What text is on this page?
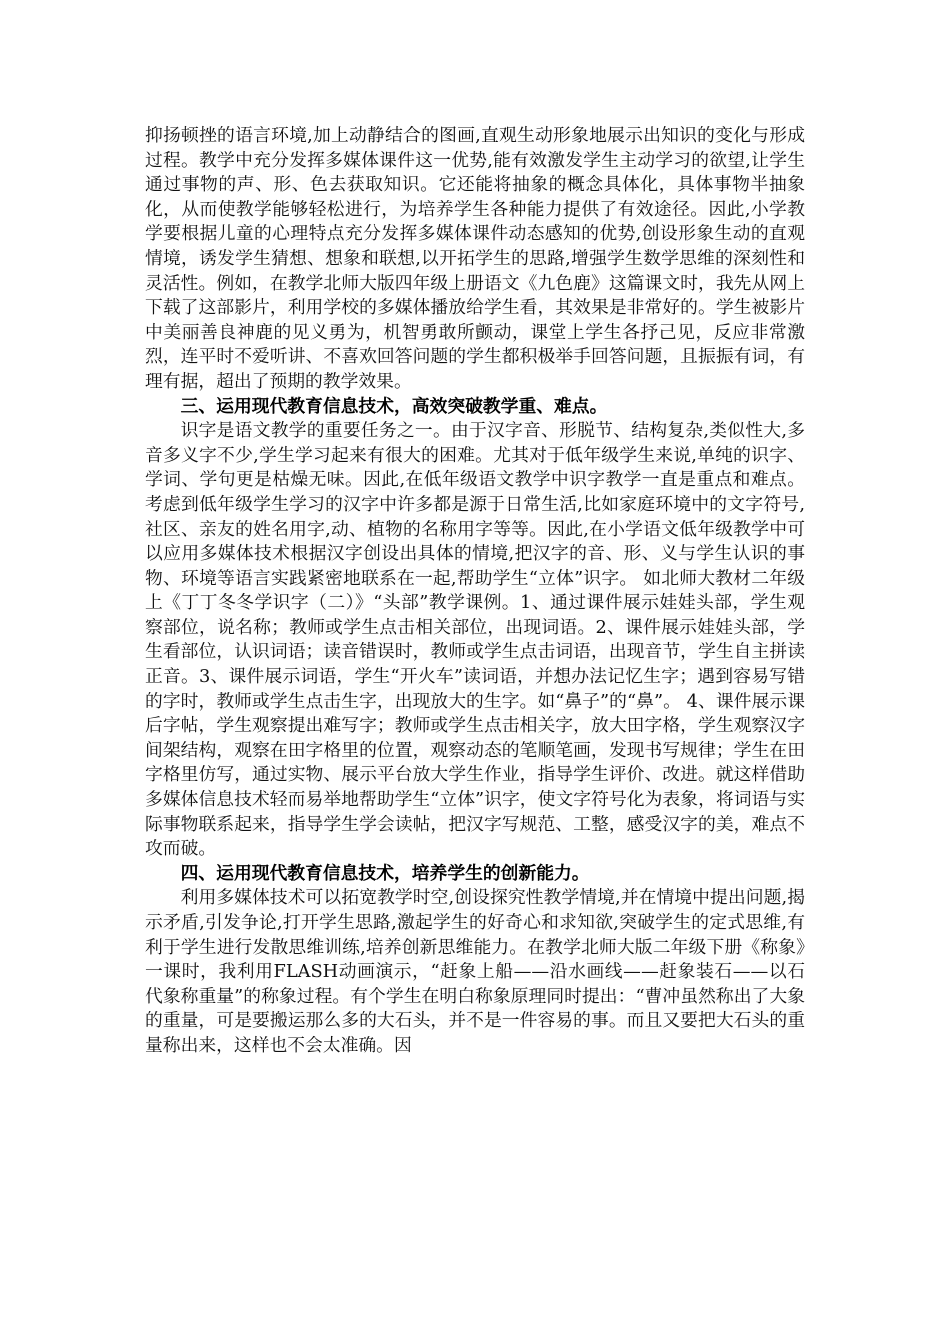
抑扬顿挫的语言环境,加上动静结合的图画,直观生动形象地展示出知识的变化与形成过程。教学中充分发挥多媒体课件这一优势,能有效激发学生主动学习的欲望,让学生通过事物的声、形、色去获取知识。它还能将抽象的概念具体化，具体事物半抽象化，从而使教学能够轻松进行，为培养学生各种能力提供了有效途径。因此,小学教学要根据儿童的心理特点充分发挥多媒体课件动态感知的优势,创设形象生动的直观情境，诱发学生猜想、想象和联想,以开拓学生的思路,增强学生数学思维的深刻性和灵活性。例如，在教学北师大版四年级上册语文《九色鹿》这篇课文时，我先从网上下载了这部影片，利用学校的多媒体播放给学生看，其效果是非常好的。学生被影片中美丽善良神鹿的见义勇为，机智勇敢所颤动，课堂上学生各抒己见，反应非常激烈，连平时不爱听讲、不喜欢回答问题的学生都积极举手回答问题，且振振有词，有理有据，超出了预期的教学效果。

三、运用现代教育信息技术，高效突破教学重、难点。

识字是语文教学的重要任务之一。由于汉字音、形脱节、结构复杂,类似性大,多音多义字不少,学生学习起来有很大的困难。尤其对于低年级学生来说,单纯的识字、学词、学句更是枯燥无味。因此,在低年级语文教学中识字教学一直是重点和难点。考虑到低年级学生学习的汉字中许多都是源于日常生活,比如家庭环境中的文字符号,社区、亲友的姓名用字,动、植物的名称用字等等。因此,在小学语文低年级教学中可以应用多媒体技术根据汉字创设出具体的情境,把汉字的音、形、义与学生认识的事物、环境等语言实践紧密地联系在一起,帮助学生“立体”识字。 如北师大教材二年级上《丁丁冬冬学识字（二）》“头部”教学课例。1、通过课件展示娃娃头部，学生观察部位，说名称；教师或学生点击相关部位，出现词语。2、课件展示娃娃头部，学生看部位，认识词语；读音错误时，教师或学生点击词语，出现音节，学生自主拼读正音。3、课件展示词语，学生“开火车”读词语，并想办法记忆生字；遇到容易写错的字时，教师或学生点击生字，出现放大的生字。如“鼻子”的“鼻”。 4、课件展示课后字帖，学生观察提出难写字；教师或学生点击相关字，放大田字格，学生观察汉字间架结构，观察在田字格里的位置，观察动态的笔顺笔画，发现书写规律；学生在田字格里仿写，通过实物、展示平台放大学生作业，指导学生评价、改进。就这样借助多媒体信息技术轻而易举地帮助学生“立体”识字，使文字符号化为表象，将词语与实际事物联系起来，指导学生学会读帖，把汉字写规范、工整，感受汉字的美，难点不攻而破。

四、运用现代教育信息技术，培养学生的创新能力。

利用多媒体技术可以拓宽教学时空,创设探究性教学情境,并在情境中提出问题,揭示矛盾,引发争论,打开学生思路,激起学生的好奇心和求知欲,突破学生的定式思维,有利于学生进行发散思维训练,培养创新思维能力。在教学北师大版二年级下册《称象》一课时，我利用FLASH动画演示，“赶象上船——沿水画线——赶象装石——以石代象称重量”的称象过程。有个学生在明白称象原理同时提出：“曹冲虽然称出了大象的重量，可是要搬运那么多的大石头，并不是一件容易的事。而且又要把大石头的重量称出来，这样也不会太准确。因
